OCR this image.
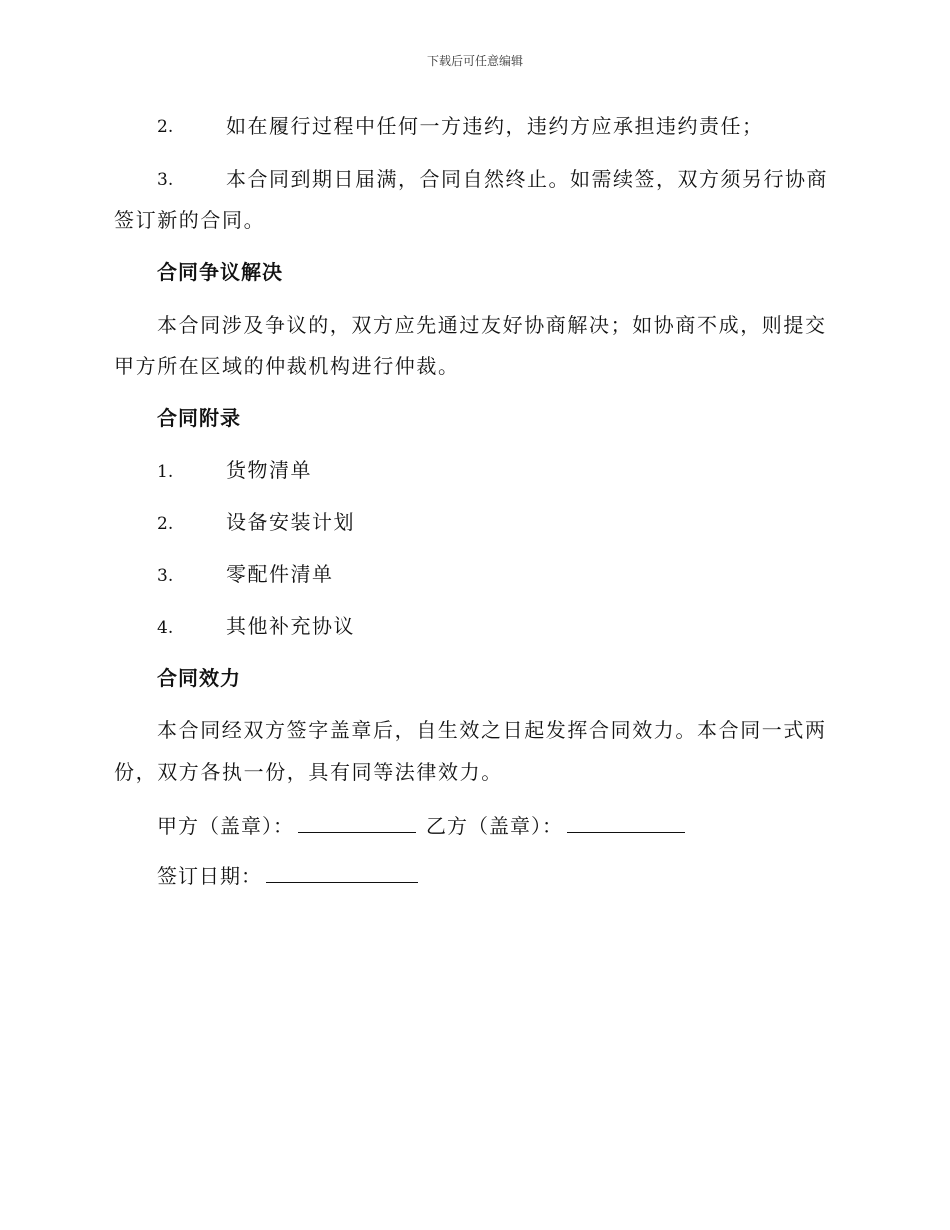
下载后可任意编辑
2.	如在履行过程中任何一方违约，违约方应承担违约责任；
3.	本合同到期日届满，合同自然终止。如需续签，双方须另行协商
签订新的合同。
合同争议解决
本合同涉及争议的，双方应先通过友好协商解决；如协商不成，则提交
甲方所在区域的仲裁机构进行仲裁。
合同附录
1.	货物清单
2.	设备安装计划
3.	零配件清单
4.	其他补充协议
合同效力
本合同经双方签字盖章后，自生效之日起发挥合同效力。本合同一式两
份，双方各执一份，具有同等法律效力。
甲方（盖章）：	乙方（盖章）：
签订日期：
